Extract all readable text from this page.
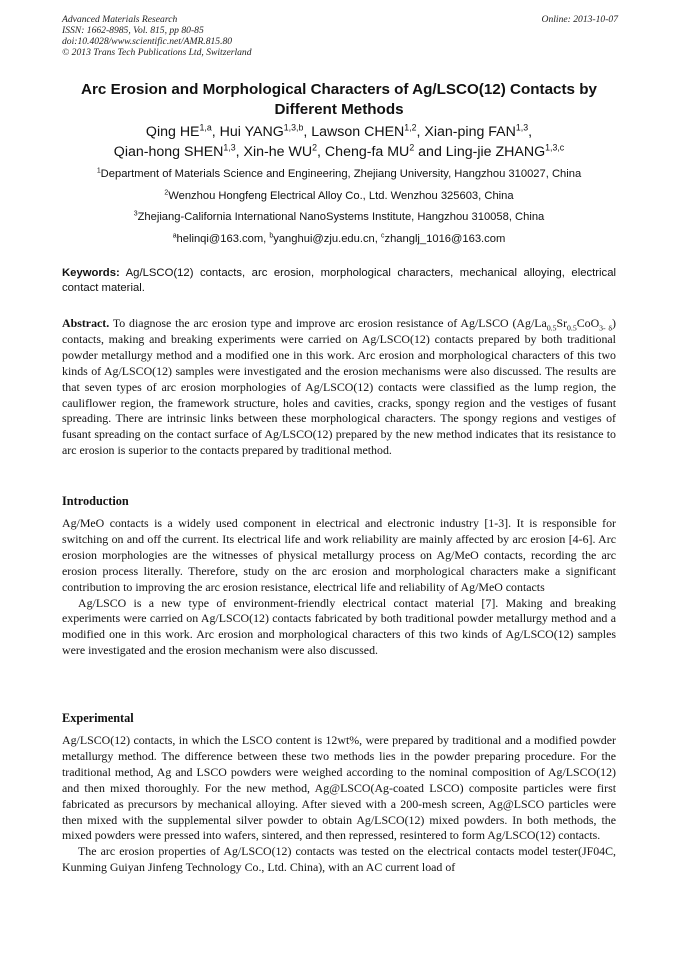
Advanced Materials Research
ISSN: 1662-8985, Vol. 815, pp 80-85
doi:10.4028/www.scientific.net/AMR.815.80
© 2013 Trans Tech Publications Ltd, Switzerland
Online: 2013-10-07
Arc Erosion and Morphological Characters of Ag/LSCO(12) Contacts by
Different Methods
Qing HE$^{1,a}$, Hui YANG$^{1,3,b}$, Lawson CHEN$^{1,2}$, Xian-ping FAN$^{1,3}$,
Qian-hong SHEN$^{1,3}$, Xin-he $WU^2$, Cheng-fa $MU^2$ and Ling-jie ZHANG$^{1,3,c}$
$^1$Department of Materials Science and Engineering, Zhejiang University, Hangzhou 310027, China
$^2$Wenzhou Hongfeng Electrical Alloy Co., Ltd. Wenzhou 325603, China
$^3$Zhejiang-California International NanoSystems Institute, Hangzhou 310058, China
$^a$helinqi@163.com, $^b$yanghui@zju.edu.cn, $^c$zhanglj_1016@163.com
Keywords: Ag/LSCO(12) contacts, arc erosion, morphological characters, mechanical alloying, electrical contact material.

Abstract. To diagnose the arc erosion type and improve arc erosion resistance of Ag/LSCO $(Ag/La_{0.5}Sr_{0.5}CoO_{3- \delta})$ contacts, making and breaking experiments were carried on Ag/LSCO(12) contacts prepared by both traditional powder metallurgy method and a modified one in this work. Arc erosion and morphological characters of this two kinds of Ag/LSCO(12) samples were investigated and the erosion mechanisms were also discussed. The results are that seven types of arc erosion morphologies of Ag/LSCO(12) contacts were classified as the lump region, the cauliflower region, the framework structure, holes and cavities, cracks, spongy region and the vestiges of fusant spreading. There are intrinsic links between these morphological characters. The spongy regions and vestiges of fusant spreading on the contact surface of Ag/LSCO(12) prepared by the new method indicates that its resistance to arc erosion is superior to the contacts prepared by traditional method.

Introduction

Ag/MeO contacts is a widely used component in electrical and electronic industry [1-3]. It is responsible for switching on and off the current. Its electrical life and work reliability are mainly affected by arc erosion [4-6]. Arc erosion morphologies are the witnesses of physical metallurgy process on Ag/MeO contacts, recording the arc erosion process literally. Therefore, study on the arc erosion and morphological characters make a significant contribution to improving the arc erosion resistance, electrical life and reliability of Ag/MeO contacts

Ag/LSCO is a new type of environment-friendly electrical contact material [7]. Making and breaking experiments were carried on Ag/LSCO(12) contacts fabricated by both traditional powder metallurgy method and a modified one in this work. Arc erosion and morphological characters of this two kinds of Ag/LSCO(12) samples were investigated and the erosion mechanism were also discussed.

Experimental

Ag/LSCO(12) contacts, in which the LSCO content is 12wt%, were prepared by traditional and a modified powder metallurgy method. The difference between these two methods lies in the powder preparing procedure. For the traditional method, Ag and LSCO powders were weighed according to the nominal composition of Ag/LSCO(12) and then mixed thoroughly. For the new method, Ag@LSCO(Ag-coated LSCO) composite particles were first fabricated as precursors by mechanical alloying. After sieved with a 200-mesh screen, Ag@LSCO particles were then mixed with the supplemental silver powder to obtain Ag/LSCO(12) mixed powders. In both methods, the mixed powders were pressed into wafers, sintered, and then repressed, resintered to form Ag/LSCO(12) contacts.

The arc erosion properties of Ag/LSCO(12) contacts was tested on the electrical contacts model tester(JF04C, Kunming Guiyan Jinfeng Technology Co., Ltd. China), with an AC current load of
